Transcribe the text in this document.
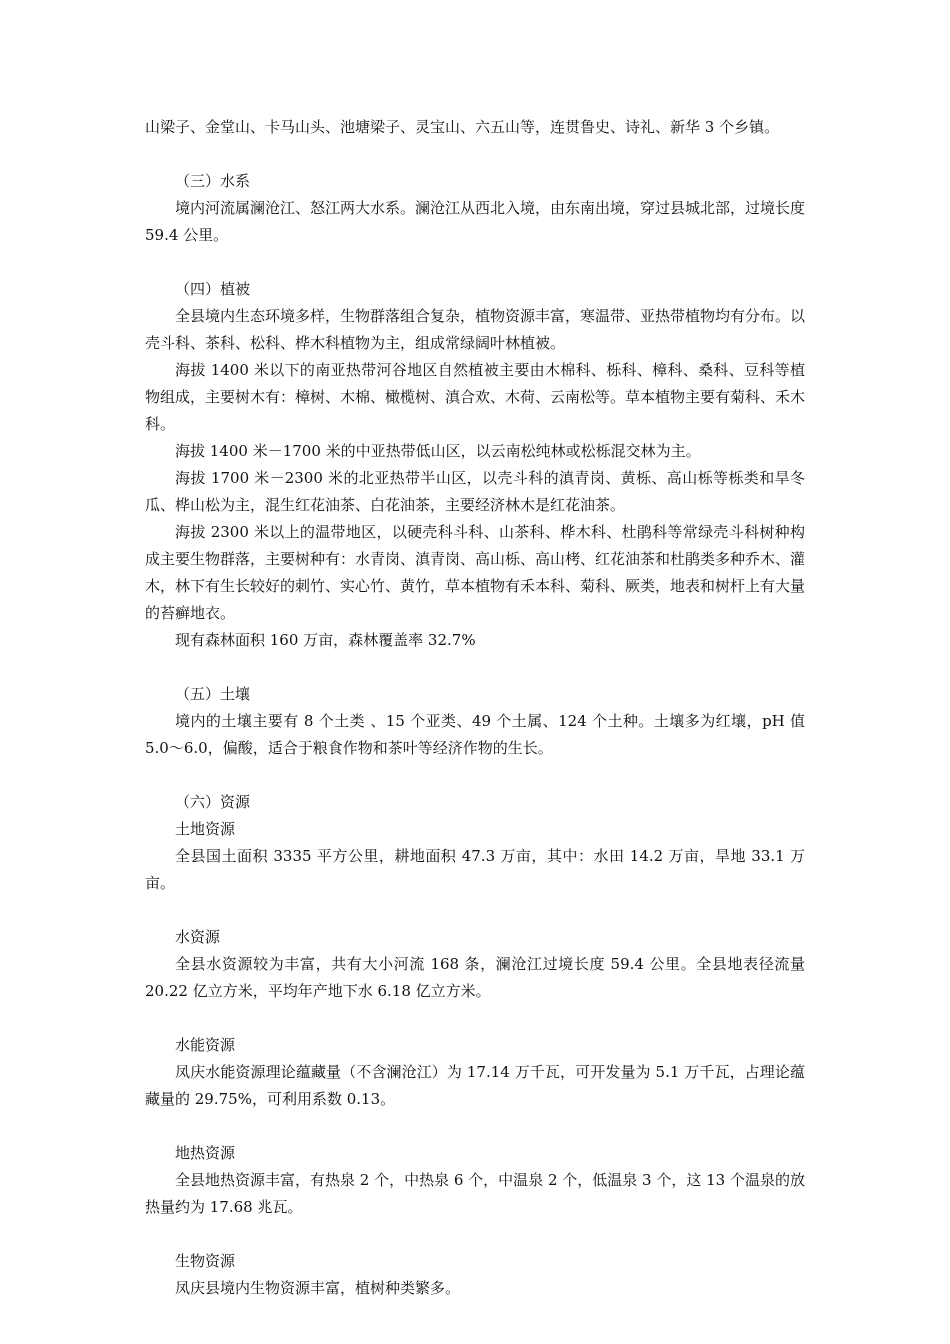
山梁子、金堂山、卡马山头、池塘梁子、灵宝山、六五山等，连贯鲁史、诗礼、新华 3 个乡镇。

（三）水系

境内河流属澜沧江、怒江两大水系。澜沧江从西北入境，由东南出境，穿过县城北部，过境长度 59.4 公里。

（四）植被

全县境内生态环境多样，生物群落组合复杂，植物资源丰富，寒温带、亚热带植物均有分布。以壳斗科、茶科、松科、桦木科植物为主，组成常绿阔叶林植被。

海拔 1400 米以下的南亚热带河谷地区自然植被主要由木棉科、栎科、樟科、桑科、豆科等植物组成，主要树木有：樟树、木棉、橄榄树、滇合欢、木荷、云南松等。草本植物主要有菊科、禾木科。

海拔 1400 米－1700 米的中亚热带低山区，以云南松纯林或松栎混交林为主。

海拔 1700 米－2300 米的北亚热带半山区，以壳斗科的滇青岗、黄栎、高山栎等栎类和旱冬瓜、桦山松为主，混生红花油茶、白花油茶，主要经济林木是红花油茶。

海拔 2300 米以上的温带地区，以硬壳科斗科、山茶科、桦木科、杜鹃科等常绿壳斗科树种构成主要生物群落，主要树种有：水青岗、滇青岗、高山栎、高山栲、红花油茶和杜鹃类多种乔木、灌木，林下有生长较好的刺竹、实心竹、黄竹，草本植物有禾本科、菊科、厥类，地表和树杆上有大量的苔癣地衣。

现有森林面积 160 万亩，森林覆盖率 32.7%

（五）土壤

境内的土壤主要有 8 个土类 、15 个亚类、49 个土属、124 个土种。土壤多为红壤，pH 值5.0～6.0，偏酸，适合于粮食作物和茶叶等经济作物的生长。

（六）资源

土地资源

全县国土面积 3335 平方公里，耕地面积 47.3 万亩，其中：水田 14.2 万亩，旱地 33.1 万亩。

水资源

全县水资源较为丰富，共有大小河流 168 条，澜沧江过境长度 59.4 公里。全县地表径流量 20.22 亿立方米，平均年产地下水 6.18 亿立方米。

水能资源

凤庆水能资源理论蕴藏量（不含澜沧江）为 17.14 万千瓦，可开发量为 5.1 万千瓦，占理论蕴藏量的 29.75%，可利用系数 0.13。

地热资源

全县地热资源丰富，有热泉 2 个，中热泉 6 个，中温泉 2 个，低温泉 3 个，这 13 个温泉的放热量约为 17.68 兆瓦。

生物资源

凤庆县境内生物资源丰富，植树种类繁多。
